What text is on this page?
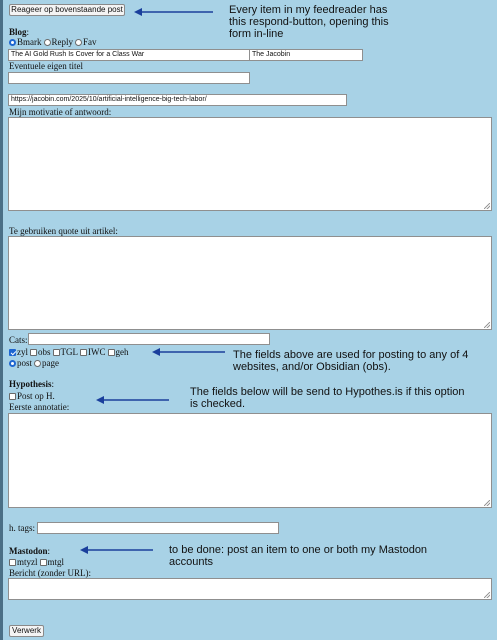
Reageer op bovenstaande post	Every item in my feedreader has
this respond-button, opening this
form in-line
Blog:
Bmark Reply Fav
The AI Gold Rush Is Cover for a Class War	The Jacobin
Eventuele eigen titel
https://jacobin.com/2025/10/artificial-intelligence-big-tech-labor/
Mijn motivatie of antwoord:
Te gebruiken quote uit artikel:
Cats:
zyl obs TGL IWC geh
post page
The fields above are used for posting to any of 4
websites, and/or Obsidian (obs).
Hypothesis:
Post op H.
Eerste annotatie:
The fields below will be send to Hypothes.is if this option
is checked.
h. tags:
Mastodon:
mtyzl mtgl
Bericht (zonder URL):
to be done: post an item to one or both my Mastodon
accounts
Verwerk
